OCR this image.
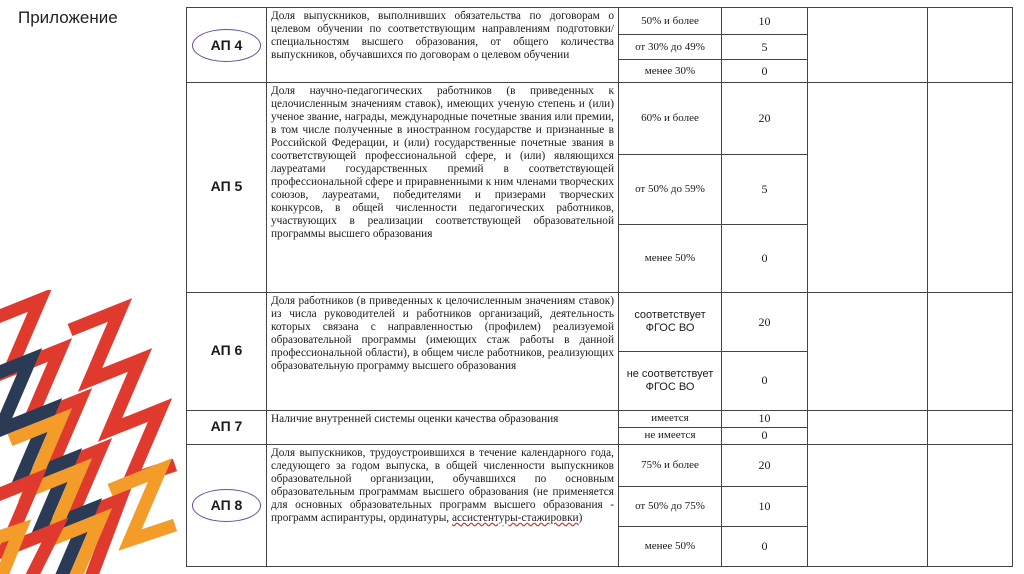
Приложение
АП 4	Доля выпускников, выполнивших обязательства по договорам о целевом обучении по соответствующим направлениям подготовки/специальностям высшего образования, от общего количества выпускников, обучавшихся по договорам о целевом обучении	50% и более	10		
		от 30% до 49%	5		
		менее 30%	0		
АП 5	Доля научно-педагогических работников (в приведенных к целочисленным значениям ставок), имеющих ученую степень и (или) ученое звание, награды, международные почетные звания или премии, в том числе полученные в иностранном государстве и признанные в Российской Федерации, и (или) государственные почетные звания в соответствующей профессиональной сфере, и (или) являющихся лауреатами государственных премий в соответствующей профессиональной сфере и приравненными к ним членами творческих союзов, лауреатами, победителями и призерами творческих конкурсов, в общей численности педагогических работников, участвующих в реализации соответствующей образовательной программы высшего образования	60% и более	20		
		от 50% до 59%	5		
		менее 50%	0		
АП 6	Доля работников (в приведенных к целочисленным значениям ставок) из числа руководителей и работников организаций, деятельность которых связана с направленностью (профилем) реализуемой образовательной программы (имеющих стаж работы в данной профессиональной области), в общем числе работников, реализующих образовательную программу высшего образования	соответствует ФГОС ВО	20		
		не соответствует ФГОС ВО	0		
АП 7	Наличие внутренней системы оценки качества образования	имеется	10		
		не имеется	0		
АП 8	Доля выпускников, трудоустроившихся в течение календарного года, следующего за годом выпуска, в общей численности выпускников образовательной организации, обучавшихся по основным образовательным программам высшего образования (не применяется для основных образовательных программ высшего образования - программ аспирантуры, ординатуры, ассистентуры-стажировки)	75% и более	20		
		от 50% до 75%	10		
		менее 50%	0		
